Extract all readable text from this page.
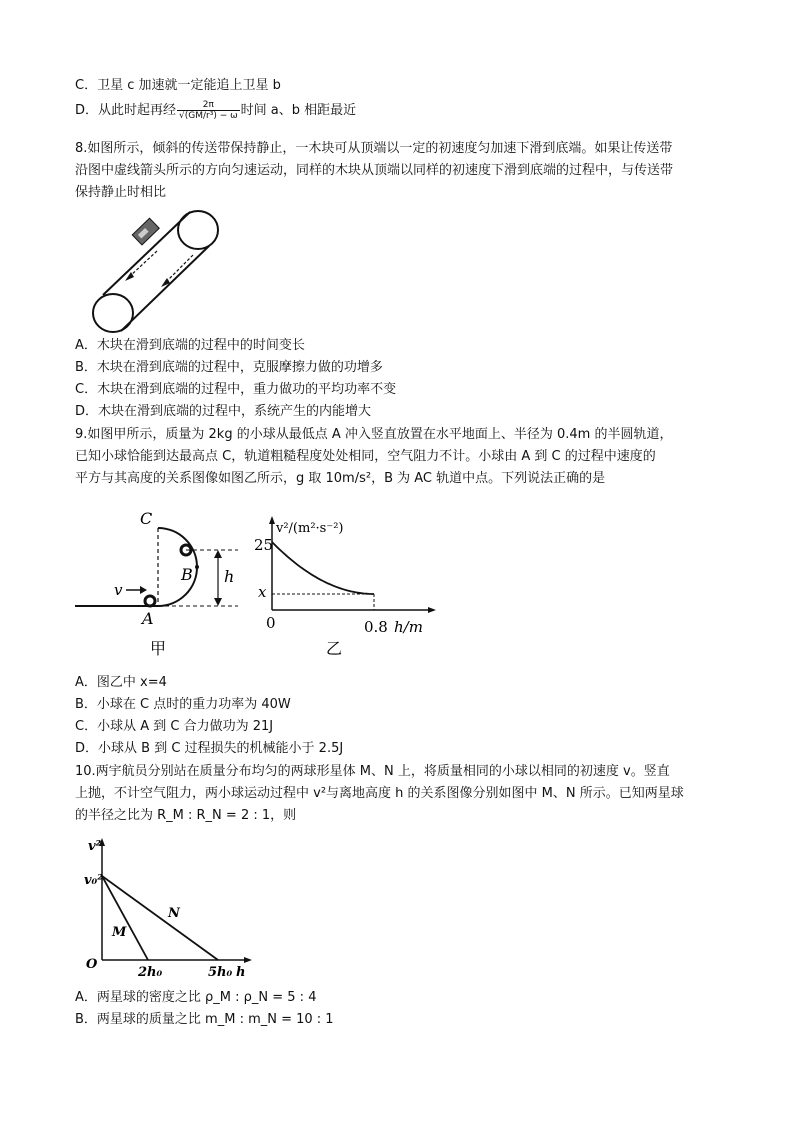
C．卫星 c 加速就一定能追上卫星 b
D．从此时起再经 $\frac{2\pi}{\text{√(GM/r³) − ω}}$ 时间 a、b 相距最近
8.如图所示，倾斜的传送带保持静止，一木块可从顶端以一定的初速度匀加速下滑到底端。如果让传送带
沿图中虚线箭头所示的方向匀速运动，同样的木块从顶端以同样的初速度下滑到底端的过程中，与传送带
保持静止时相比
A．木块在滑到底端的过程中的时间变长
B．木块在滑到底端的过程中，克服摩擦力做的功增多
C．木块在滑到底端的过程中，重力做功的平均功率不变
D．木块在滑到底端的过程中，系统产生的内能增大
9.如图甲所示，质量为 2kg 的小球从最低点 A 冲入竖直放置在水平地面上、半径为 0.4m 的半圆轨道，
已知小球恰能到达最高点 C，轨道粗糙程度处处相同，空气阻力不计。小球由 A 到 C 的过程中速度的
平方与其高度的关系图像如图乙所示，g 取 10m/s²，B 为 AC 轨道中点。下列说法正确的是
C
B
A
v
h
甲
v²/(m²·s⁻²)
25
x
0	0.8 h/m
乙
A．图乙中 x=4
B．小球在 C 点时的重力功率为 40W
C．小球从 A 到 C 合力做功为 21J
D．小球从 B 到 C 过程损失的机械能小于 2.5J
10.两宇航员分别站在质量分布均匀的两球形星体 M、N 上，将质量相同的小球以相同的初速度 v。竖直
上抛，不计空气阻力，两小球运动过程中 v²与离地高度 h 的关系图像分别如图中 M、N 所示。已知两星球
的半径之比为 R_M : R_N = 2 : 1，则
v²
v₀²
O
M
N
2h₀	5h₀ h
A．两星球的密度之比 ρ_M : ρ_N = 5 : 4
B．两星球的质量之比 m_M : m_N = 10 : 1
